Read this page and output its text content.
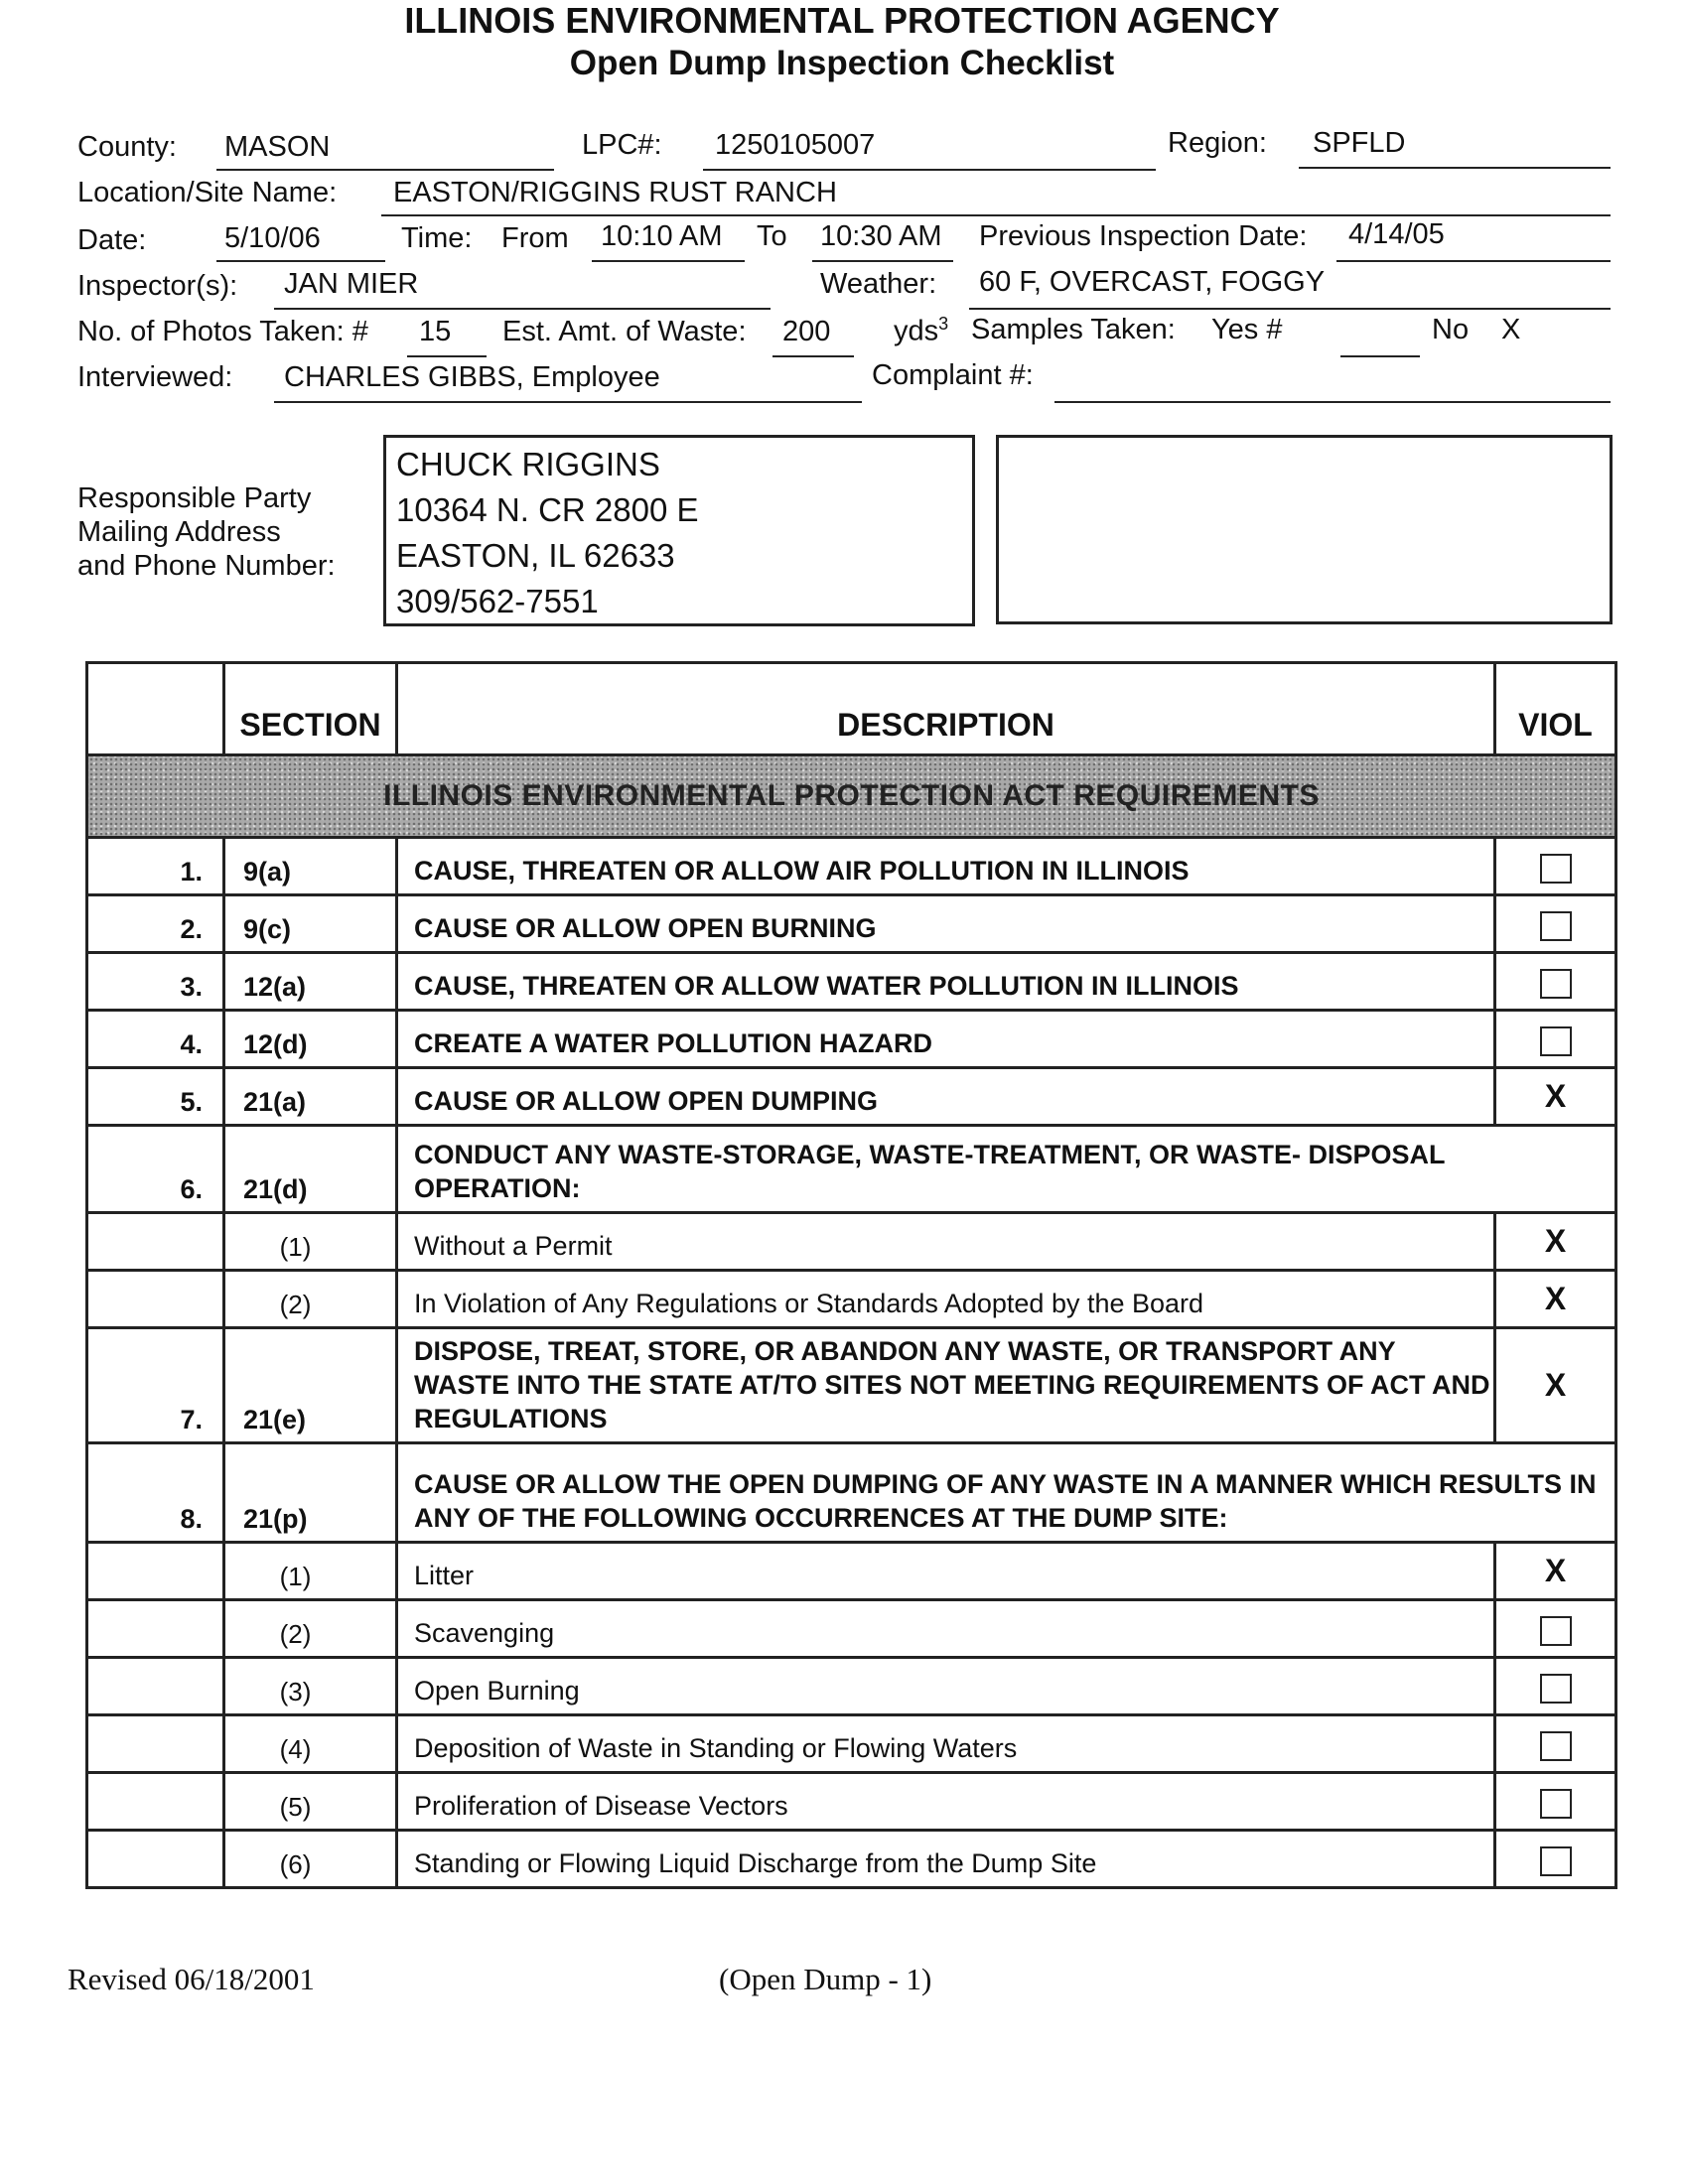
ILLINOIS ENVIRONMENTAL PROTECTION AGENCY
Open Dump Inspection Checklist
County: MASON	LPC#: 1250105007	Region: SPFLD
Location/Site Name: EASTON/RIGGINS RUST RANCH
Date:	5/10/06	Time: From 10:10 AM To 10:30 AM Previous Inspection Date: 4/14/05
Inspector(s): JAN MIER	Weather: 60 F, OVERCAST, FOGGY
No. of Photos Taken: # 15 Est. Amt. of Waste: 200 yds$^3$ Samples Taken: Yes #	No X
Interviewed: CHARLES GIBBS, Employee	Complaint #:
Responsible Party
Mailing Address
and Phone Number:
CHUCK RIGGINS
10364 N. CR 2800 E
EASTON, IL 62633
309/562-7551
	SECTION	DESCRIPTION	VIOL
ILLINOIS ENVIRONMENTAL PROTECTION ACT REQUIREMENTS			
1.	9(a)	CAUSE, THREATEN OR ALLOW AIR POLLUTION IN ILLINOIS	
2.	9(c)	CAUSE OR ALLOW OPEN BURNING	
3.	12(a)	CAUSE, THREATEN OR ALLOW WATER POLLUTION IN ILLINOIS	
4.	12(d)	CREATE A WATER POLLUTION HAZARD	
5.	21(a)	CAUSE OR ALLOW OPEN DUMPING	X
6.	21(d)	CONDUCT ANY WASTE-STORAGE, WASTE-TREATMENT, OR WASTE- DISPOSAL OPERATION:	
	(1)	Without a Permit	X
	(2)	In Violation of Any Regulations or Standards Adopted by the Board	X
7.	21(e)	DISPOSE, TREAT, STORE, OR ABANDON ANY WASTE, OR TRANSPORT ANY WASTE INTO THE STATE AT/TO SITES NOT MEETING REQUIREMENTS OF ACT AND REGULATIONS	X
8.	21(p)	CAUSE OR ALLOW THE OPEN DUMPING OF ANY WASTE IN A MANNER WHICH RESULTS IN ANY OF THE FOLLOWING OCCURRENCES AT THE DUMP SITE:	
	(1)	Litter	X
	(2)	Scavenging	
	(3)	Open Burning	
	(4)	Deposition of Waste in Standing or Flowing Waters	
	(5)	Proliferation of Disease Vectors	
	(6)	Standing or Flowing Liquid Discharge from the Dump Site	
Revised 06/18/2001	(Open Dump - 1)
